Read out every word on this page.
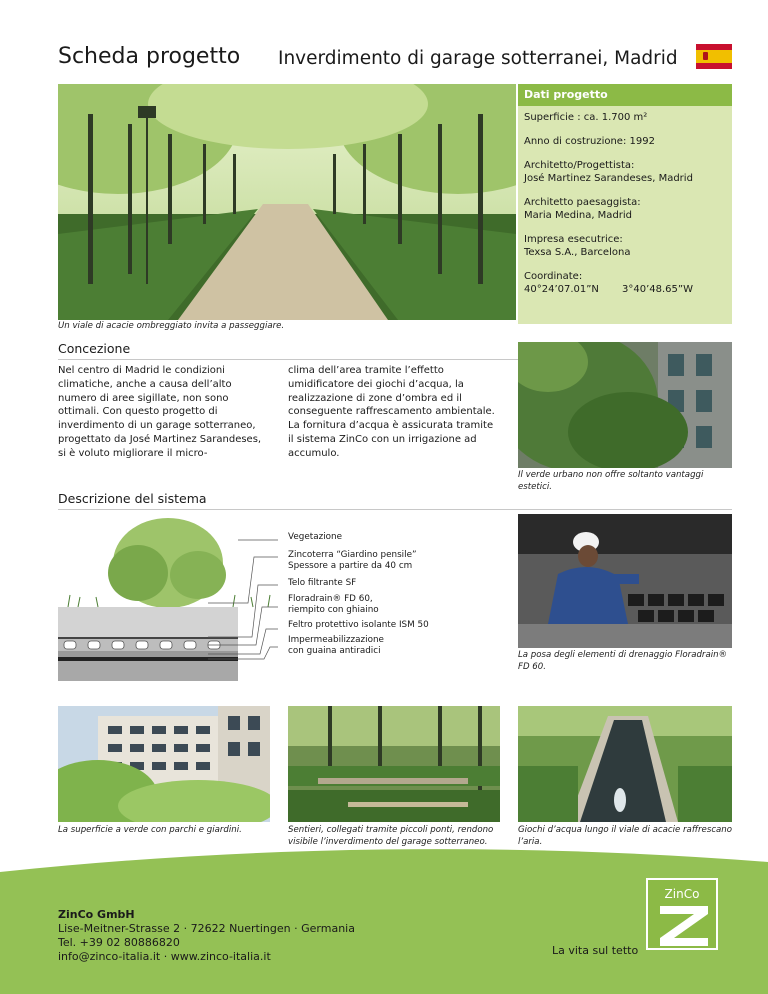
Scheda progetto Inverdimento di garage sotterranei, Madrid
Un viale di acacie ombreggiato invita a passeggiare.
Dati progetto
Superficie : ca. 1.700 m²
Anno di costruzione: 1992
Architetto/Progettista:
José Martinez Sarandeses, Madrid
Architetto paesaggista:
Maria Medina, Madrid
Impresa esecutrice:
Texsa S.A., Barcelona
Coordinate:
40°24’07.01”N	3°40’48.65”W
Concezione
Nel centro di Madrid le condizioni climatiche, anche a causa dell’alto numero di aree sigillate, non sono ottimali. Con questo progetto di inverdimento di un garage sotterraneo, progettato da José Martinez Sarandeses, si è voluto migliorare il micro-
clima dell’area tramite l’effetto umidificatore dei giochi d’acqua, la realizzazione di zone d’ombra ed il conseguente raffrescamento ambientale. La fornitura d’acqua è assicurata tramite il sistema ZinCo con un irrigazione ad accumulo.
Il verde urbano non offre soltanto vantaggi estetici.
Descrizione del sistema
Vegetazione
Zincoterra “Giardino pensile”
Spessore a partire da 40 cm
Telo filtrante SF
Floradrain® FD 60,
riempito con ghiaino
Feltro protettivo isolante ISM 50
Impermeabilizzazione
con guaina antiradici	La posa degli elementi di drenaggio Floradrain® FD 60.
La superficie a verde con parchi e giardini.	Sentieri, collegati tramite piccoli ponti, rendono visibile l’inverdimento del garage sotterraneo.
Giochi d’acqua lungo il viale di acacie raffrescano l’aria.
ZinCo GmbH
Lise-Meitner-Strasse 2 · 72622 Nuertingen · Germania
Tel. +39 02 80886820
info@zinco-italia.it · www.zinco-italia.it
ZinCo
La vita sul tetto
